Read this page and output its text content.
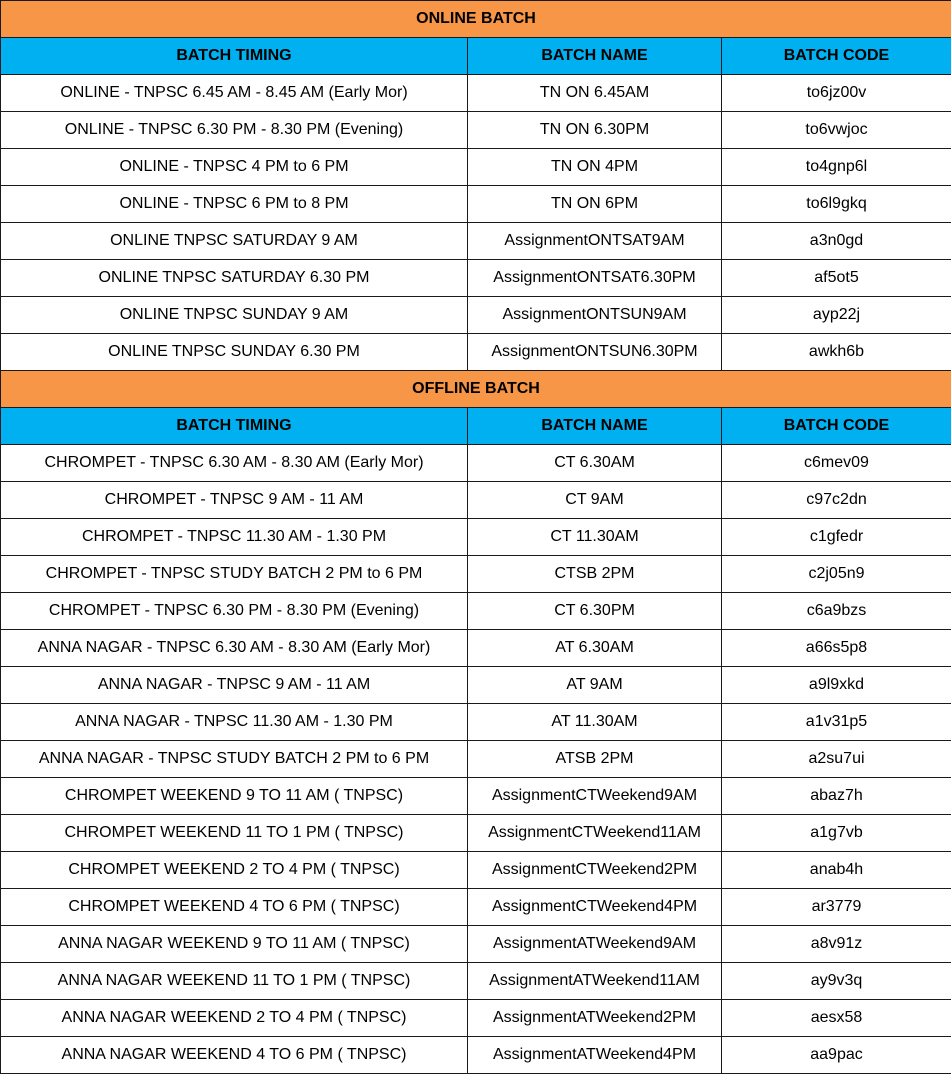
ONLINE BATCH		
BATCH TIMING	BATCH NAME	BATCH CODE
ONLINE - TNPSC 6.45 AM - 8.45 AM (Early Mor)	TN ON 6.45AM	to6jz00v
ONLINE - TNPSC 6.30 PM - 8.30 PM (Evening)	TN ON 6.30PM	to6vwjoc
ONLINE - TNPSC 4 PM to 6 PM	TN ON 4PM	to4gnp6l
ONLINE - TNPSC 6 PM to 8 PM	TN ON 6PM	to6l9gkq
ONLINE TNPSC SATURDAY 9 AM	AssignmentONTSAT9AM	a3n0gd
ONLINE TNPSC SATURDAY 6.30 PM	AssignmentONTSAT6.30PM	af5ot5
ONLINE TNPSC SUNDAY 9 AM	AssignmentONTSUN9AM	ayp22j
ONLINE TNPSC SUNDAY 6.30 PM	AssignmentONTSUN6.30PM	awkh6b
OFFLINE BATCH		
BATCH TIMING	BATCH NAME	BATCH CODE
CHROMPET - TNPSC 6.30 AM - 8.30 AM (Early Mor)	CT 6.30AM	c6mev09
CHROMPET - TNPSC 9 AM - 11 AM	CT 9AM	c97c2dn
CHROMPET - TNPSC 11.30 AM - 1.30 PM	CT 11.30AM	c1gfedr
CHROMPET - TNPSC STUDY BATCH 2 PM to 6 PM	CTSB 2PM	c2j05n9
CHROMPET - TNPSC 6.30 PM - 8.30 PM (Evening)	CT 6.30PM	c6a9bzs
ANNA NAGAR - TNPSC 6.30 AM - 8.30 AM (Early Mor)	AT 6.30AM	a66s5p8
ANNA NAGAR - TNPSC 9 AM - 11 AM	AT 9AM	a9l9xkd
ANNA NAGAR - TNPSC 11.30 AM - 1.30 PM	AT 11.30AM	a1v31p5
ANNA NAGAR - TNPSC STUDY BATCH 2 PM to 6 PM	ATSB 2PM	a2su7ui
CHROMPET WEEKEND 9 TO 11 AM ( TNPSC)	AssignmentCTWeekend9AM	abaz7h
CHROMPET WEEKEND 11 TO 1 PM ( TNPSC)	AssignmentCTWeekend11AM	a1g7vb
CHROMPET WEEKEND 2 TO 4 PM ( TNPSC)	AssignmentCTWeekend2PM	anab4h
CHROMPET WEEKEND 4 TO 6 PM ( TNPSC)	AssignmentCTWeekend4PM	ar3779
ANNA NAGAR WEEKEND 9 TO 11 AM ( TNPSC)	AssignmentATWeekend9AM	a8v91z
ANNA NAGAR WEEKEND 11 TO 1 PM ( TNPSC)	AssignmentATWeekend11AM	ay9v3q
ANNA NAGAR WEEKEND 2 TO 4 PM ( TNPSC)	AssignmentATWeekend2PM	aesx58
ANNA NAGAR WEEKEND 4 TO 6 PM ( TNPSC)	AssignmentATWeekend4PM	aa9pac
